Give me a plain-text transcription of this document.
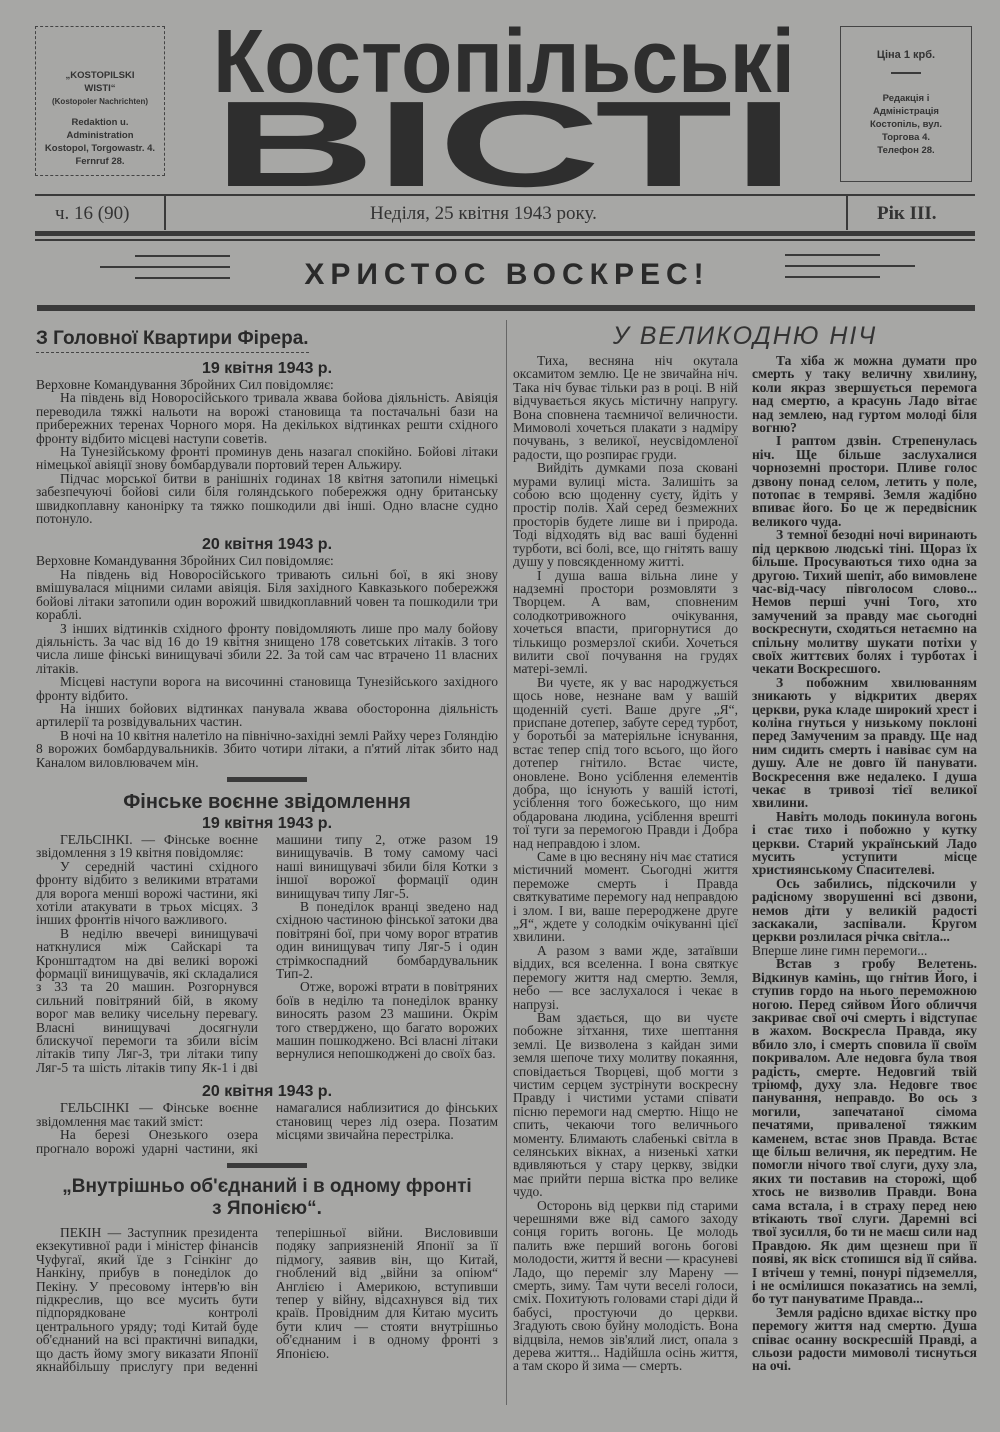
„KOSTOPILSKI WISTI“
(Kostopoler Nachrichten)
Redaktion u. Administration
Kostopol, Torgowastr. 4.
Fernruf 28.
Костопільські
ВІСТІ
Ціна 1 крб.
Редакція і Адміністрація
Костопіль, вул. Торгова 4.
Телефон 28.
ч. 16 (90)	Неділя, 25 квітня 1943 року.	Рік III.
ХРИСТОС ВОСКРЕС!
З Головної Квартири Фірера.
19 квітня 1943 р.

Верховне Командування Збройних Сил повідомляє:

На південь від Новоросійського тривала жвава бойова діяльність. Авіяція переводила тяжкі нальоти на ворожі становища та постачальні бази на прибережних теренах Чорного моря. На декількох відтинках решти східного фронту відбито місцеві наступи советів.

На Тунезійському фронті проминув день назагал спокійно. Бойові літаки німецької авіяції знову бомбардували портовий терен Альжиру.

Підчас морської битви в ранішніх годинах 18 квітня затопили німецькі забезпечуючі бойові сили біля голяндського побережжя одну британську швидкоплавну канонірку та тяжко пошкодили дві інші. Одно власне судно потонуло.

20 квітня 1943 р.

Верховне Командування Збройних Сил повідомляє:

На південь від Новоросійського тривають сильні бої, в які знову вмішувалася міцними силами авіяція. Біля західного Кавказького побережжя бойові літаки затопили один ворожий швидкоплавний човен та пошкодили три кораблі.

З інших відтинків східного фронту повідомляють лише про малу бойову діяльність. За час від 16 до 19 квітня знищено 178 советських літаків. З того числа лише фінські винищувачі збили 22. За той сам час втрачено 11 власних літаків.

Місцеві наступи ворога на височинні становища Тунезійського західного фронту відбито.

На інших бойових відтинках панувала жвава обосторонна діяльність артилерії та розвідувальних частин.

В ночі на 10 квітня налетіло на північно-західні землі Райху через Голяндію 8 ворожих бомбардувальників. Збито чотири літаки, а п'ятий літак збито над Каналом виловлювачем мін.

Фінське воєнне звідомлення
19 квітня 1943 р.

ГЕЛЬСІНКІ. — Фінське воєнне звідомлення з 19 квітня повідомляє:

У середній частині східного фронту відбито з великими втратами для ворога менші ворожі частини, які хотіли атакувати в трьох місцях. З інших фронтів нічого важливого.

В неділю ввечері винищувачі наткнулися між Сайскарі та Кронштадтом на дві великі ворожі формації винищувачів, які складалися з 33 та 20 машин. Розгорнувся сильний повітряний бій, в якому ворог мав велику чисельну перевагу. Власні винищувачі досягнули блискучої перемоги та збили вісім літаків типу Ляг-3, три літаки типу Ляг-5 та шість літаків типу Як-1 і дві машини типу 2, отже разом 19 винищувачів. В тому самому часі наші винищувачі збили біля Котки з іншої ворожої формації один винищувач типу Ляг-5.

В понеділок вранці зведено над східною частиною фінської затоки два повітряні бої, при чому ворог втратив один винищувач типу Ляг-5 і один стрімкоспадний бомбардувальник Тип-2.

Отже, ворожі втрати в повітряних боїв в неділю та понеділок вранку виносять разом 23 машини. Окрім того стверджено, що багато ворожих машин пошкоджено. Всі власні літаки вернулися непошкоджені до своїх баз.

20 квітня 1943 р.

ГЕЛЬСІНКІ — Фінське воєнне звідомлення має такий зміст:

На березі Онезького озера прогнало ворожі ударні частини, які намагалися наблизитися до фінських становищ через лід озера. Позатим місцями звичайна перестрілка.

„Внутрішньо об'єднаний і в одному фронті з Японією“.

ПЕКІН — Заступник президента екзекутивної ради і міністер фінансів Чуфугаї, який їде з Гсінкінг до Нанкіну, прибув в понеділок до Пекіну. У пресовому інтерв'ю він підкреслив, що все мусить бути підпорядковане контролі центрального уряду; тоді Китай буде об'єднаний на всі практичні випадки, що дасть йому змогу виказати Японії якнайбільшу прислугу при веденні теперішньої війни. Висловивши подяку заприязненій Японії за її підмогу, заявив він, що Китай, гноблений від „війни за опіюм“ Англією і Америкою, вступивши тепер у війну, відсахнувся від тих країв. Провідним для Китаю мусить бути клич — стояти внутрішньо об'єднаним і в одному фронті з Японією.

У ВЕЛИКОДНЮ НІЧ

Тиха, весняна ніч окутала оксамитом землю. Це не звичайна ніч. Така ніч буває тільки раз в році. В ній відчувається якусь містичну напругу. Вона сповнена таємничої величности. Мимоволі хочеться плакати з надміру почувань, з великої, неусвідомленої радости, що розпирає груди.

Вийдіть думками поза сковані мурами вулиці міста. Залишіть за собою всю щоденну суєту, йдіть у простір полів. Хай серед безмежних просторів будете лише ви і природа. Тоді відходять від вас ваші буденні турботи, всі болі, все, що гнітять вашу душу у повсякденному житті.

І душа ваша вільна лине у надземні простори розмовляти з Творцем. А вам, сповненим солодкотривожного очікування, хочеться впасти, пригорнутися до тількищо розмерзлої скиби. Хочеться вилити свої почування на грудях матері-землі.

Ви чуєте, як у вас народжується щось нове, незнане вам у вашій щоденній суєті. Ваше друге „Я“, приспане дотепер, забуте серед турбот, у боротьбі за матеріяльне існування, встає тепер спід того всього, що його дотепер гнітило. Встає чисте, оновлене. Воно усіблення елементів добра, що існують у вашій істоті, усіблення того божеського, що ним обдарована людина, усіблення врешті тої туги за перемогою Правди і Добра над неправдою і злом.

Саме в цю весняну ніч має статися містичний момент. Сьогодні життя переможе смерть і Правда святкуватиме перемогу над неправдою і злом. І ви, ваше перероджене друге „Я“, ждете у солодкім очікуванні цієї хвилини.

А разом з вами жде, затаївши віддих, вся вселенна. І вона святкує перемогу життя над смертю. Земля, небо — все заслухалося і чекає в напрузі.

Вам здається, що ви чуєте побожне зітхання, тихе шептання землі. Це визволена з кайдан зими земля шепоче тиху молитву покаяння, сповідається Творцеві, щоб могти з чистим серцем зустрінути воскресну Правду і чистими устами співати пісню перемоги над смертю. Ніщо не спить, чекаючи того величнього моменту. Блимають слабенькі світла в селянських вікнах, а низенькі хатки вдивляються у стару церкву, звідки має прийти перша вістка про велике чудо.

Осторонь від церкви під старими черешнями вже від самого заходу сонця горить вогонь. Це молодь палить вже перший вогонь богові молодости, життя й весни — красуневі Ладо, що переміг злу Марену — смерть, зиму. Там чути веселі голоси, сміх. Похитують головами старі діди й бабусі, простуючи до церкви. Згадують свою буйну молодість. Вона відцвіла, немов зів'ялий лист, опала з дерева життя... Надійшла осінь життя, а там скоро й зима — смерть.

Та хіба ж можна думати про смерть у таку величну хвилину, коли якраз звершується перемога над смертю, а красунь Ладо вітає над землею, над гуртом молоді біля вогню?

І раптом дзвін. Стрепенулась ніч. Ще більше заслухалися чорноземні простори. Пливе голос дзвону понад селом, летить у поле, потопає в темряві. Земля жадібно впиває його. Бо це ж передвісник великого чуда.

З темної безодні ночі виринають під церквою людські тіні. Щораз їх більше. Просуваються тихо одна за другою. Тихий шепіт, або вимовлене час-від-часу півголосом слово... Немов перші учні Того, хто замучений за правду має сьогодні воскреснути, сходяться нетаємно на спільну молитву шукати потіхи у своїх життєвих болях і турботах і чекати Воскресшого.

З побожним хвилюванням зникають у відкритих дверях церкви, рука кладе широкий хрест і коліна гнуться у низькому поклоні перед Замученим за правду. Ще над ним сидить смерть і навіває сум на душу. Але не довго їй панувати. Воскресення вже недалеко. І душа чекає в тривозі тієї великої хвилини.

Навіть молодь покинула вогонь і стає тихо і побожно у кутку церкви. Старий український Ладо мусить уступити місце християнському Спасителеві.

Ось забились, підскочили у радісному зворушенні всі дзвони, немов діти у великій радості заскакали, заспівали. Кругом церкви розлилася річка світла...

Вперше лине гимн перемоги...

Встав з гробу Велетень. Відкинув камінь, що гнітив Його, і ступив гордо на нього переможною ногою. Перед сяйвом Його обличчя закриває свої очі смерть і відступає в жахом. Воскресла Правда, яку вбило зло, і смерть сповила її своїм покривалом. Але недовга була твоя радість, смерте. Недовгий твій тріюмф, духу зла. Недовге твоє панування, неправдо. Во ось з могили, запечатаної сімома печатями, приваленої тяжким каменем, встає знов Правда. Встає ще більш величня, як передтим. Не помогли нічого твої слуги, духу зла, яких ти поставив на сторожі, щоб хтось не визволив Правди. Вона сама встала, і в страху перед нею втікають твої слуги. Даремні всі твої зусилля, бо ти не маєш сили над Правдою. Як дим щезнеш при її появі, як віск стопишся від її сяйва. І втічеш у темні, понурі підземелля, і не осмілишся показатись на землі, бо тут пануватиме Правда...

Земля радісно вдихає вістку про перемогу життя над смертю. Душа співає осанну воскресшій Правді, а сльози радости мимоволі тиснуться на очі.
